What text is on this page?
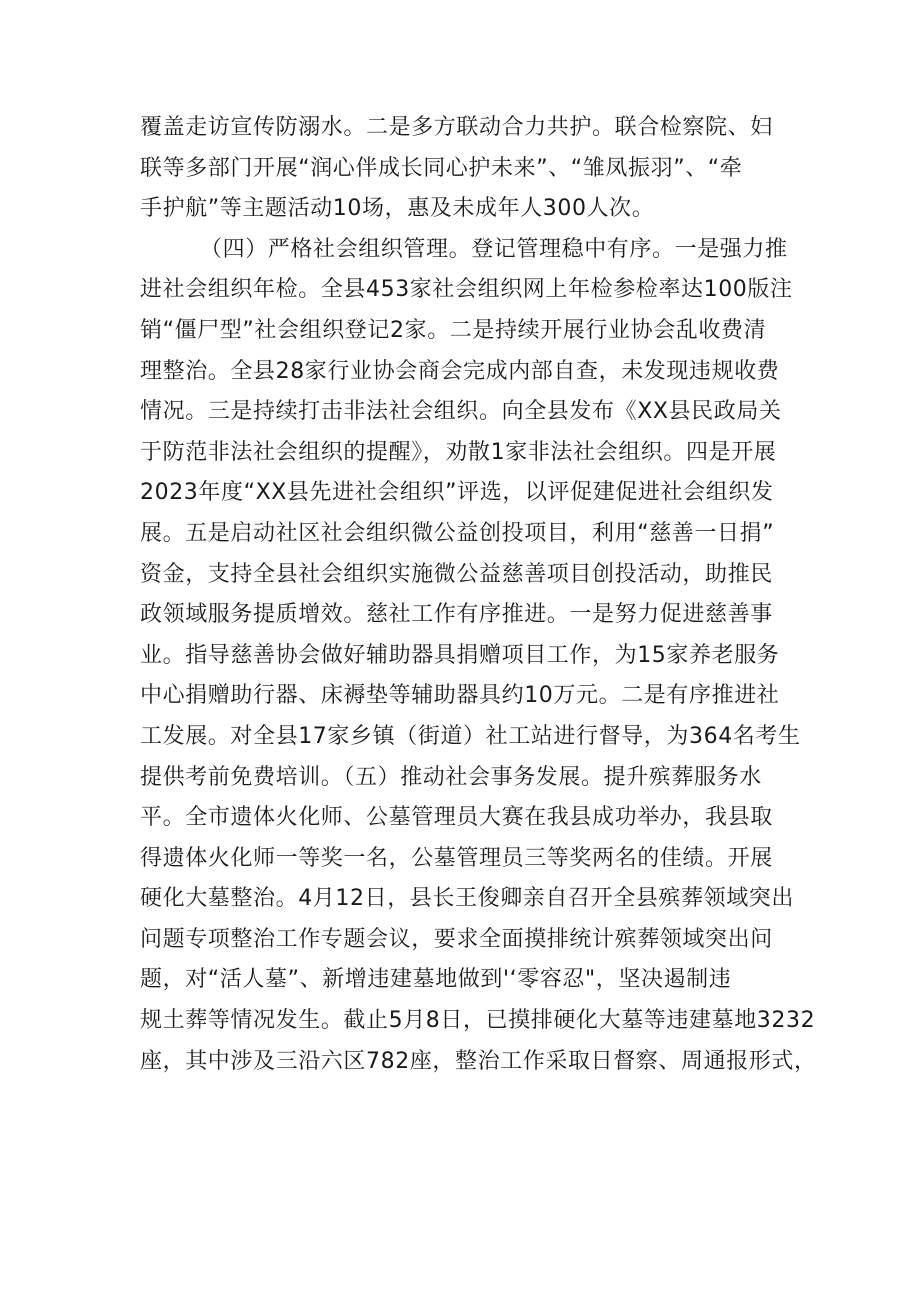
覆盖走访宣传防溺水。二是多方联动合力共护。联合检察院、妇
联等多部门开展“润心伴成长同心护未来”、“雏凤振羽”、“牵
手护航”等主题活动10场，惠及未成年人300人次。
（四）严格社会组织管理。登记管理稳中有序。一是强力推
进社会组织年检。全县453家社会组织网上年检参检率达100版注
销“僵尸型”社会组织登记2家。二是持续开展行业协会乱收费清
理整治。全县28家行业协会商会完成内部自查，未发现违规收费
情况。三是持续打击非法社会组织。向全县发布《XX县民政局关
于防范非法社会组织的提醒》，劝散1家非法社会组织。四是开展
2023年度“XX县先进社会组织”评选，以评促建促进社会组织发
展。五是启动社区社会组织微公益创投项目，利用“慈善一日捐”
资金，支持全县社会组织实施微公益慈善项目创投活动，助推民
政领域服务提质增效。慈社工作有序推进。一是努力促进慈善事
业。指导慈善协会做好辅助器具捐赠项目工作，为15家养老服务
中心捐赠助行器、床褥垫等辅助器具约10万元。二是有序推进社
工发展。对全县17家乡镇（街道）社工站进行督导，为364名考生
提供考前免费培训。（五）推动社会事务发展。提升殡葬服务水
平。全市遗体火化师、公墓管理员大赛在我县成功举办，我县取
得遗体火化师一等奖一名，公墓管理员三等奖两名的佳绩。开展
硬化大墓整治。4月12日，县长王俊卿亲自召开全县殡葬领域突出
问题专项整治工作专题会议，要求全面摸排统计殡葬领域突出问
题，对“活人墓”、新增违建墓地做到'‘零容忍"，坚决遏制违
规土葬等情况发生。截止5月8日，已摸排硬化大墓等违建墓地3232
座，其中涉及三沿六区782座，整治工作采取日督察、周通报形式，
